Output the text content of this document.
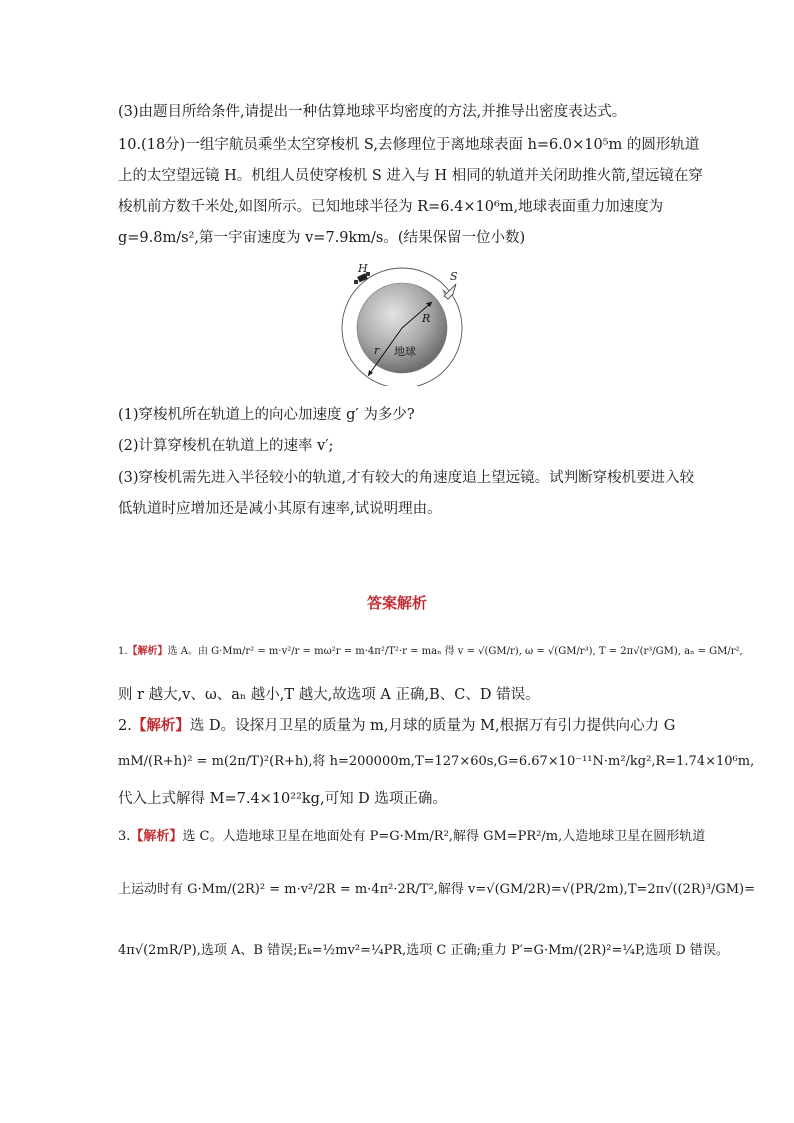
(3)由题目所给条件,请提出一种估算地球平均密度的方法,并推导出密度表达式。
10.(18分)一组宇航员乘坐太空穿梭机 S,去修理位于离地球表面 h=6.0×10⁵m 的圆形轨道
上的太空望远镜 H。机组人员使穿梭机 S 进入与 H 相同的轨道并关闭助推火箭,望远镜在穿
梭机前方数千米处,如图所示。已知地球半径为 R=6.4×10⁶m,地球表面重力加速度为
g=9.8m/s²,第一宇宙速度为 v=7.9km/s。(结果保留一位小数)
H
S
R
r 地球
(1)穿梭机所在轨道上的向心加速度 g′ 为多少?
(2)计算穿梭机在轨道上的速率 v′;
(3)穿梭机需先进入半径较小的轨道,才有较大的角速度追上望远镜。试判断穿梭机要进入较
低轨道时应增加还是减小其原有速率,试说明理由。
答案解析
1.【解析】选 A。由 G·Mm/r² = m·v²/r = mω²r = m·4π²/T²·r = maₙ 得 v = √(GM/r), ω = √(GM/r³), T = 2π√(r³/GM), aₙ = GM/r²,
则 r 越大,v、ω、aₙ 越小,T 越大,故选项 A 正确,B、C、D 错误。
2.【解析】选 D。设探月卫星的质量为 m,月球的质量为 M,根据万有引力提供向心力 G
mM/(R+h)² = m(2π/T)²(R+h),将 h=200000m,T=127×60s,G=6.67×10⁻¹¹N·m²/kg²,R=1.74×10⁶m,
代入上式解得 M=7.4×10²²kg,可知 D 选项正确。
3.【解析】选 C。人造地球卫星在地面处有 P=G·Mm/R²,解得 GM=PR²/m,人造地球卫星在圆形轨道
上运动时有 G·Mm/(2R)² = m·v²/2R = m·4π²·2R/T²,解得 v=√(GM/2R)=√(PR/2m),T=2π√((2R)³/GM)=
4π√(2mR/P),选项 A、B 错误;Eₖ=½mv²=¼PR,选项 C 正确;重力 P′=G·Mm/(2R)²=¼P,选项 D 错误。
